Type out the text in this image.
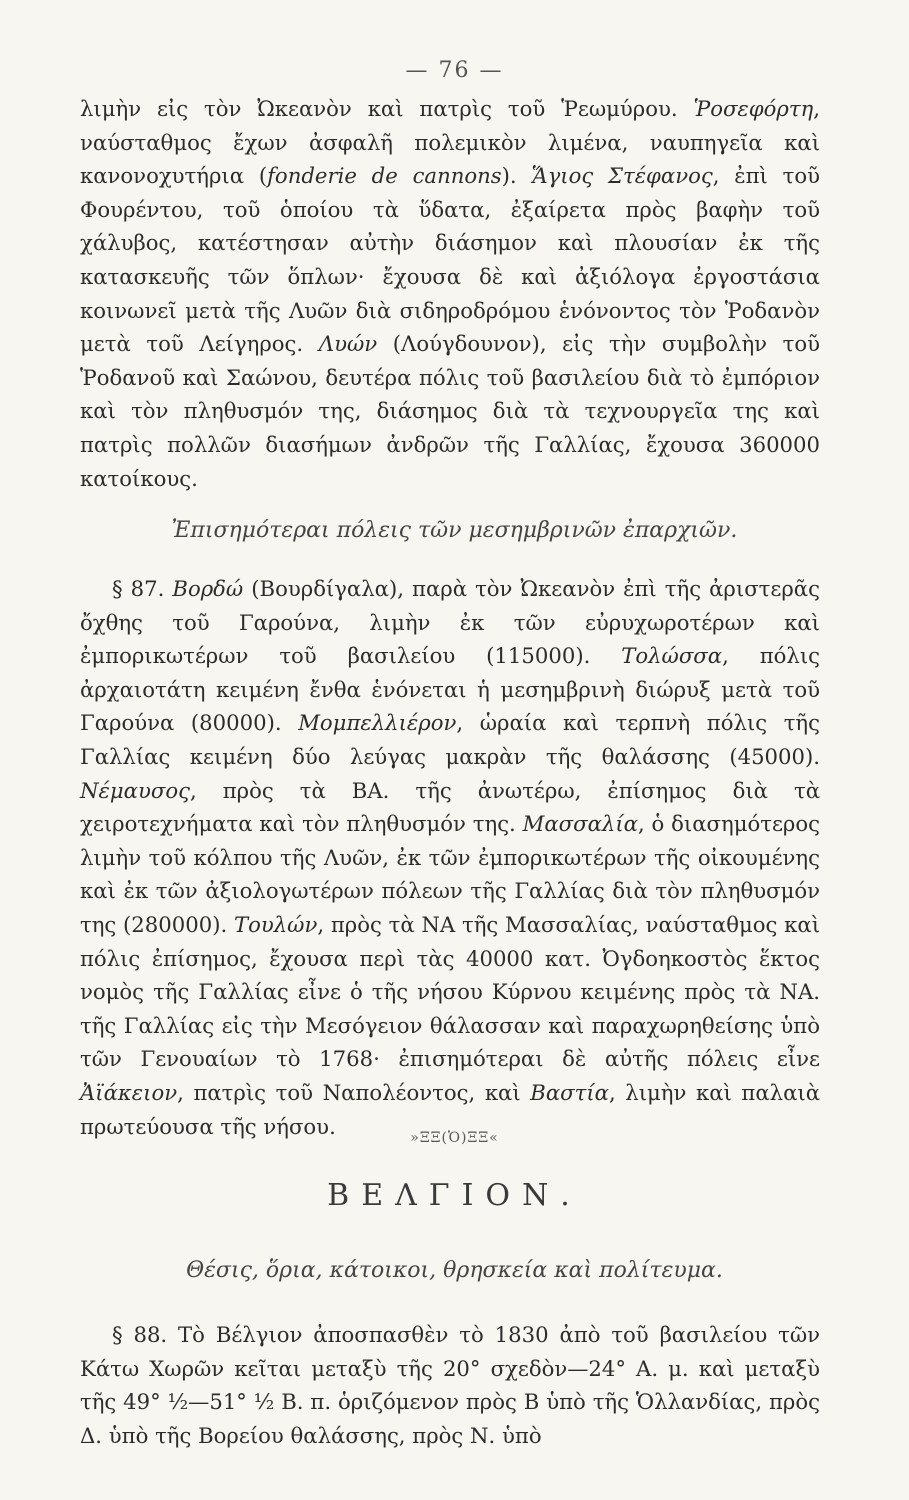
— 76 —

λιμὴν εἰς τὸν Ὠκεανὸν καὶ πατρὶς τοῦ Ῥεωμύρου. Ῥοσεφόρτη, ναύσταθμος ἔχων ἀσφαλῆ πολεμικὸν λιμένα, ναυπηγεῖα καὶ κανονοχυτήρια (fonderie de cannons). Ἅγιος Στέφανος, ἐπὶ τοῦ Φουρέντου, τοῦ ὁποίου τὰ ὕδατα, ἐξαίρετα πρὸς βαφὴν τοῦ χάλυβος, κατέστησαν αὐτὴν διάσημον καὶ πλουσίαν ἐκ τῆς κατασκευῆς τῶν ὅπλων· ἔχουσα δὲ καὶ ἀξιόλογα ἐργοστάσια κοινωνεῖ μετὰ τῆς Λυῶν διὰ σιδηροδρόμου ἑνόνοντος τὸν Ῥοδανὸν μετὰ τοῦ Λείγηρος. Λυών (Λούγδουνον), εἰς τὴν συμβολὴν τοῦ Ῥοδανοῦ καὶ Σαώνου, δευτέρα πόλις τοῦ βασιλείου διὰ τὸ ἐμπόριον καὶ τὸν πληθυσμόν της, διάσημος διὰ τὰ τεχνουργεῖα της καὶ πατρὶς πολλῶν διασήμων ἀνδρῶν τῆς Γαλλίας, ἔχουσα 360000 κατοίκους.

Ἐπισημότεραι πόλεις τῶν μεσημβρινῶν ἐπαρχιῶν.

§ 87. Βορδώ (Βουρδίγαλα), παρὰ τὸν Ὠκεανὸν ἐπὶ τῆς ἀριστερᾶς ὄχθης τοῦ Γαρούνα, λιμὴν ἐκ τῶν εὐρυχωροτέρων καὶ ἐμπορικωτέρων τοῦ βασιλείου (115000). Τολώσσα, πόλις ἀρχαιοτάτη κειμένη ἔνθα ἑνόνεται ἡ μεσημβρινὴ διώρυξ μετὰ τοῦ Γαρούνα (80000). Μομπελλιέρον, ὡραία καὶ τερπνὴ πόλις τῆς Γαλλίας κειμένη δύο λεύγας μακρὰν τῆς θαλάσσης (45000). Νέμαυσος, πρὸς τὰ ΒΑ. τῆς ἀνωτέρω, ἐπίσημος διὰ τὰ χειροτεχνήματα καὶ τὸν πληθυσμόν της. Μασσαλία, ὁ διασημότερος λιμὴν τοῦ κόλπου τῆς Λυῶν, ἐκ τῶν ἐμπορικωτέρων τῆς οἰκουμένης καὶ ἐκ τῶν ἀξιολογωτέρων πόλεων τῆς Γαλλίας διὰ τὸν πληθυσμόν της (280000). Τουλών, πρὸς τὰ ΝΑ τῆς Μασσαλίας, ναύσταθμος καὶ πόλις ἐπίσημος, ἔχουσα περὶ τὰς 40000 κατ. Ὀγδοηκοστὸς ἕκτος νομὸς τῆς Γαλλίας εἶνε ὁ τῆς νήσου Κύρνου κειμένης πρὸς τὰ ΝΑ. τῆς Γαλλίας εἰς τὴν Μεσόγειον θάλασσαν καὶ παραχωρηθείσης ὑπὸ τῶν Γενουαίων τὸ 1768· ἐπισημότεραι δὲ αὐτῆς πόλεις εἶνε Ἀϊάκειον, πατρὶς τοῦ Ναπολέοντος, καὶ Βαστία, λιμὴν καὶ παλαιὰ πρωτεύουσα τῆς νήσου.	»ΞΞ(Ὁ)ΞΞ«
ΒΕΛΓΙΟΝ.
Θέσις, ὅρια, κάτοικοι, θρησκεία καὶ πολίτευμα.

§ 88. Τὸ Βέλγιον ἀποσπασθὲν τὸ 1830 ἀπὸ τοῦ βασιλείου τῶν Κάτω Χωρῶν κεῖται μεταξὺ τῆς 20° σχεδὸν—24° Α. μ. καὶ μεταξὺ τῆς 49° ½—51° ½ Β. π. ὁριζόμενον πρὸς Β ὑπὸ τῆς Ὁλλανδίας, πρὸς Δ. ὑπὸ τῆς Βορείου θαλάσσης, πρὸς Ν. ὑπὸ
